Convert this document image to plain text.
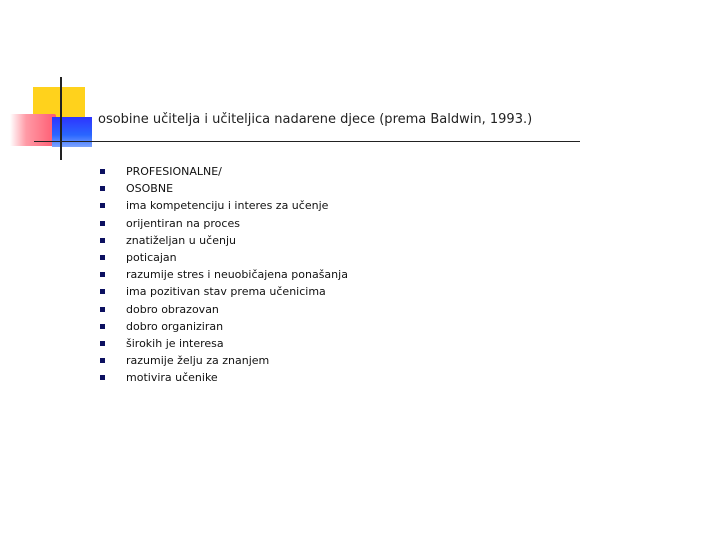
osobine učitelja i učiteljica nadarene djece (prema Baldwin, 1993.)
PROFESIONALNE/
OSOBNE
ima kompetenciju i interes za učenje
orijentiran na proces
znatiželjan u učenju
poticajan
razumije stres i neuobičajena ponašanja
ima pozitivan stav prema učenicima
dobro obrazovan
dobro organiziran
širokih je interesa
razumije želju za znanjem
motivira učenike
